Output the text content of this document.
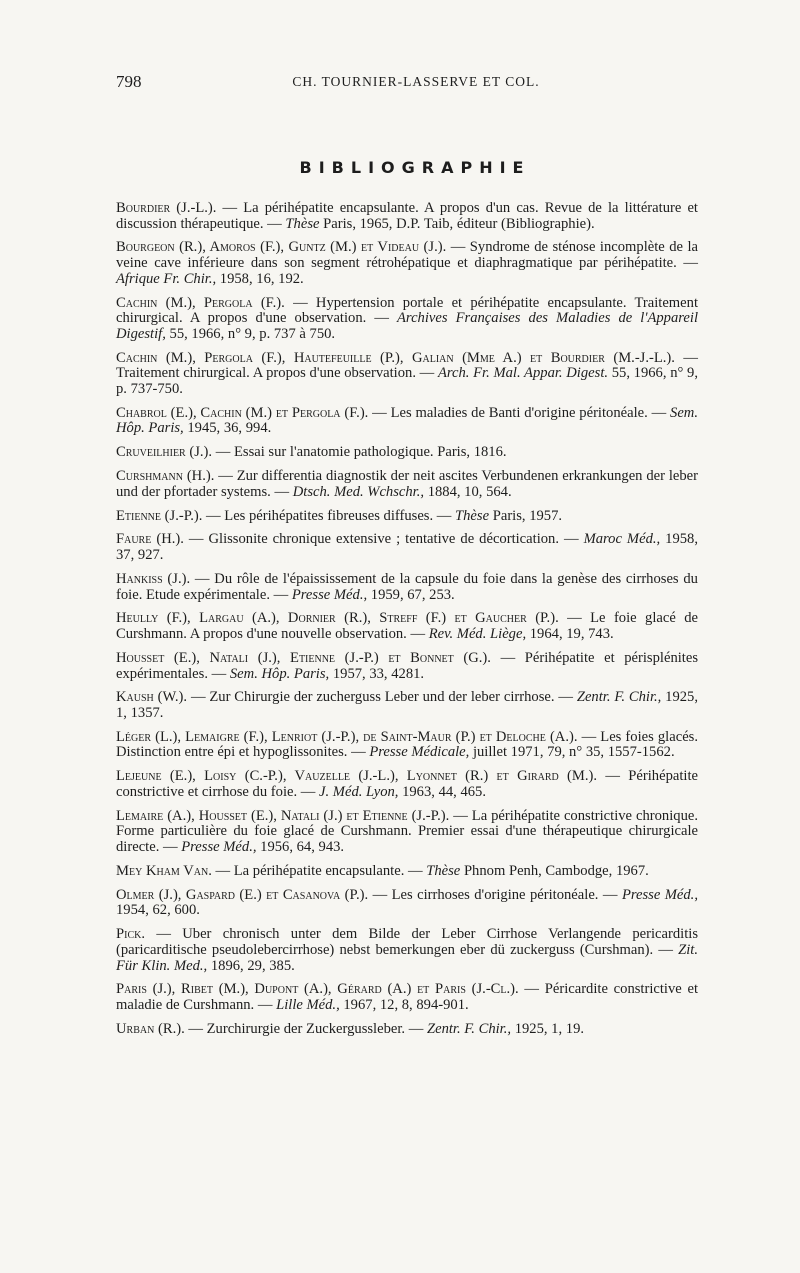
798	CH. TOURNIER-LASSERVE ET COL.
BIBLIOGRAPHIE

Bourdier (J.-L.). — La périhépatite encapsulante. A propos d'un cas. Revue de la littérature et discussion thérapeutique. — Thèse Paris, 1965, D.P. Taib, éditeur (Bibliographie).

Bourgeon (R.), Amoros (F.), Guntz (M.) et Videau (J.). — Syndrome de sténose incomplète de la veine cave inférieure dans son segment rétrohépatique et diaphragmatique par périhépatite. — Afrique Fr. Chir., 1958, 16, 192.

Cachin (M.), Pergola (F.). — Hypertension portale et périhépatite encapsulante. Traitement chirurgical. A propos d'une observation. — Archives Françaises des Maladies de l'Appareil Digestif, 55, 1966, n° 9, p. 737 à 750.

Cachin (M.), Pergola (F.), Hautefeuille (P.), Galian (Mme A.) et Bourdier (M.-J.-L.). — Traitement chirurgical. A propos d'une observation. — Arch. Fr. Mal. Appar. Digest. 55, 1966, n° 9, p. 737-750.

Chabrol (E.), Cachin (M.) et Pergola (F.). — Les maladies de Banti d'origine péritonéale. — Sem. Hôp. Paris, 1945, 36, 994.

Cruveilhier (J.). — Essai sur l'anatomie pathologique. Paris, 1816.

Curshmann (H.). — Zur differentia diagnostik der neit ascites Verbundenen erkrankungen der leber und der pfortader systems. — Dtsch. Med. Wchschr., 1884, 10, 564.

Etienne (J.-P.). — Les périhépatites fibreuses diffuses. — Thèse Paris, 1957.

Faure (H.). — Glissonite chronique extensive ; tentative de décortication. — Maroc Méd., 1958, 37, 927.

Hankiss (J.). — Du rôle de l'épaississement de la capsule du foie dans la genèse des cirrhoses du foie. Etude expérimentale. — Presse Méd., 1959, 67, 253.

Heully (F.), Largau (A.), Dornier (R.), Streff (F.) et Gaucher (P.). — Le foie glacé de Curshmann. A propos d'une nouvelle observation. — Rev. Méd. Liège, 1964, 19, 743.

Housset (E.), Natali (J.), Etienne (J.-P.) et Bonnet (G.). — Périhépatite et périsplénites expérimentales. — Sem. Hôp. Paris, 1957, 33, 4281.

Kaush (W.). — Zur Chirurgie der zucherguss Leber und der leber cirrhose. — Zentr. F. Chir., 1925, 1, 1357.

Léger (L.), Lemaigre (F.), Lenriot (J.-P.), de Saint-Maur (P.) et Deloche (A.). — Les foies glacés. Distinction entre épi et hypoglissonites. — Presse Médicale, juillet 1971, 79, n° 35, 1557-1562.

Lejeune (E.), Loisy (C.-P.), Vauzelle (J.-L.), Lyonnet (R.) et Girard (M.). — Périhépatite constrictive et cirrhose du foie. — J. Méd. Lyon, 1963, 44, 465.

Lemaire (A.), Housset (E.), Natali (J.) et Etienne (J.-P.). — La périhépatite constrictive chronique. Forme particulière du foie glacé de Curshmann. Premier essai d'une thérapeutique chirurgicale directe. — Presse Méd., 1956, 64, 943.

Mey Kham Van. — La périhépatite encapsulante. — Thèse Phnom Penh, Cambodge, 1967.

Olmer (J.), Gaspard (E.) et Casanova (P.). — Les cirrhoses d'origine péritonéale. — Presse Méd., 1954, 62, 600.

Pick. — Uber chronisch unter dem Bilde der Leber Cirrhose Verlangende pericarditis (paricarditische pseudolebercirrhose) nebst bemerkungen eber dü zuckerguss (Curshman). — Zit. Für Klin. Med., 1896, 29, 385.

Paris (J.), Ribet (M.), Dupont (A.), Gérard (A.) et Paris (J.-Cl.). — Péricardite constrictive et maladie de Curshmann. — Lille Méd., 1967, 12, 8, 894-901.

Urban (R.). — Zurchirurgie der Zuckergussleber. — Zentr. F. Chir., 1925, 1, 19.
